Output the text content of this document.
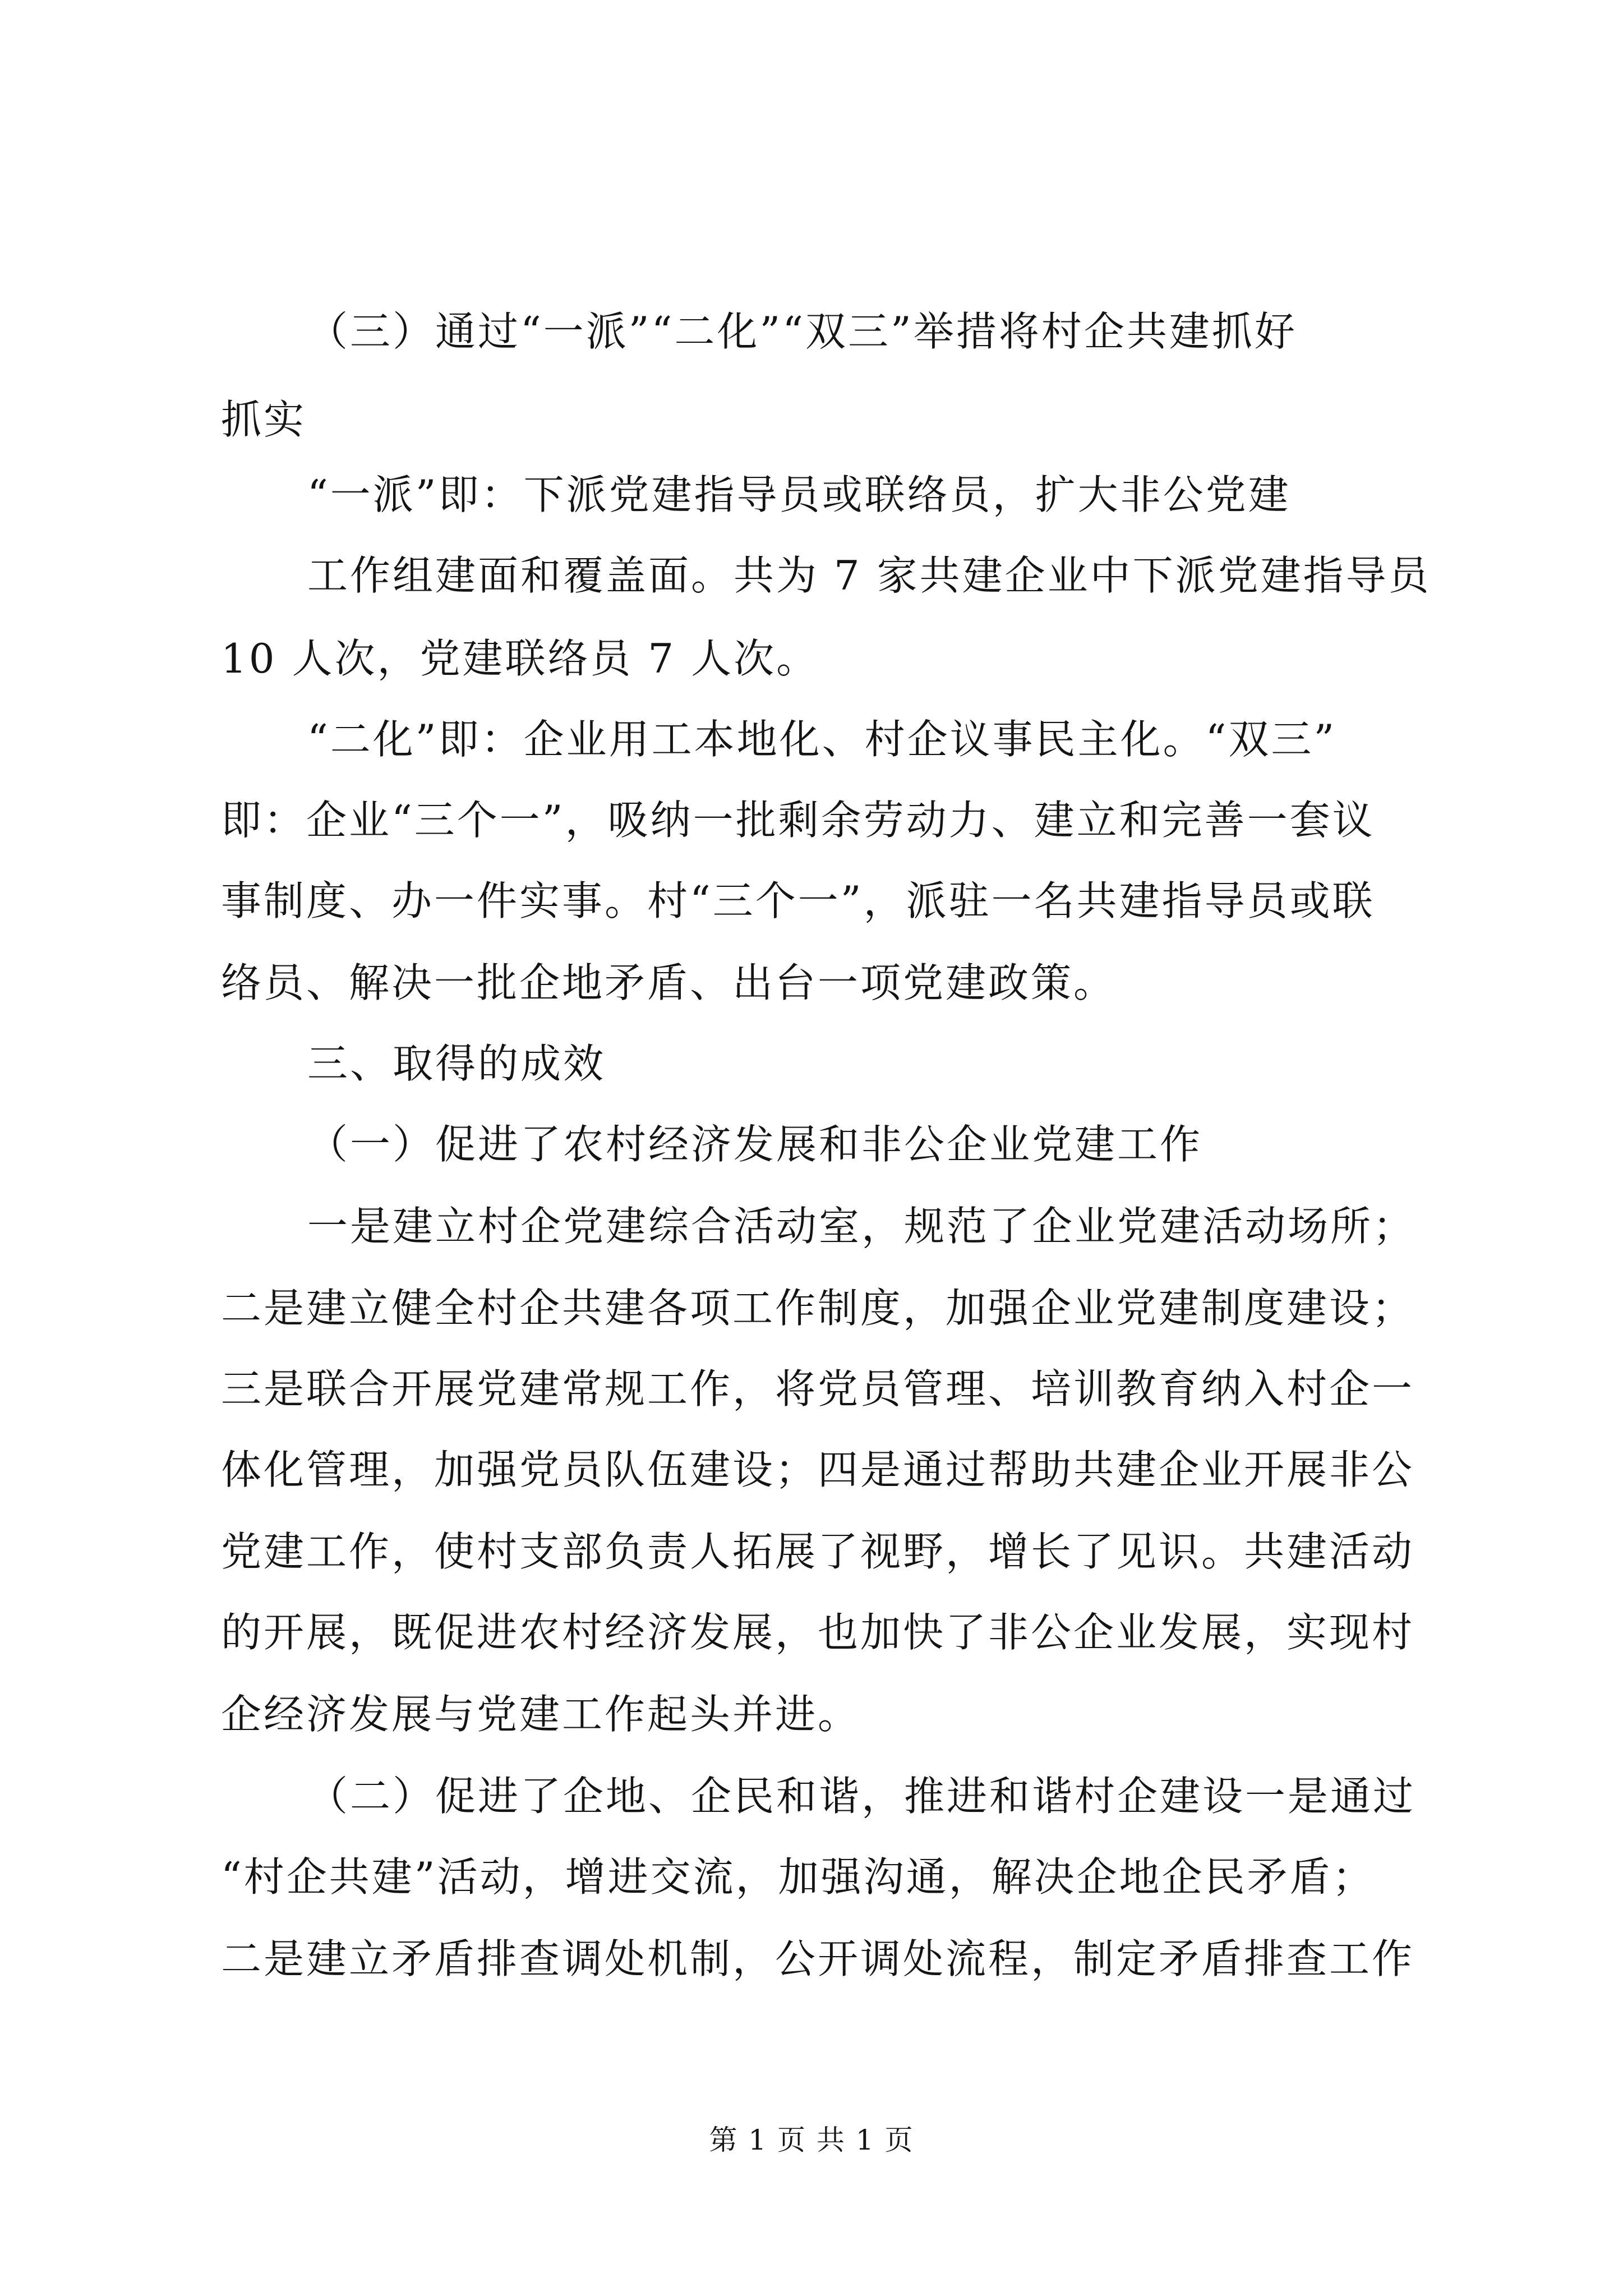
（三）通过“一派”“二化”“双三”举措将村企共建抓好
抓实
“一派”即：下派党建指导员或联络员，扩大非公党建
工作组建面和覆盖面。共为 7 家共建企业中下派党建指导员
10 人次，党建联络员 7 人次。
“二化”即：企业用工本地化、村企议事民主化。“双三”
即：企业“三个一”，吸纳一批剩余劳动力、建立和完善一套议
事制度、办一件实事。村“三个一”，派驻一名共建指导员或联
络员、解决一批企地矛盾、出台一项党建政策。
三、取得的成效
（一）促进了农村经济发展和非公企业党建工作
一是建立村企党建综合活动室，规范了企业党建活动场所；
二是建立健全村企共建各项工作制度，加强企业党建制度建设；
三是联合开展党建常规工作，将党员管理、培训教育纳入村企一
体化管理，加强党员队伍建设；四是通过帮助共建企业开展非公
党建工作，使村支部负责人拓展了视野，增长了见识。共建活动
的开展，既促进农村经济发展，也加快了非公企业发展，实现村
企经济发展与党建工作起头并进。
（二）促进了企地、企民和谐，推进和谐村企建设一是通过
“村企共建”活动，增进交流，加强沟通，解决企地企民矛盾；
二是建立矛盾排查调处机制，公开调处流程，制定矛盾排查工作
第 1 页 共 1 页
